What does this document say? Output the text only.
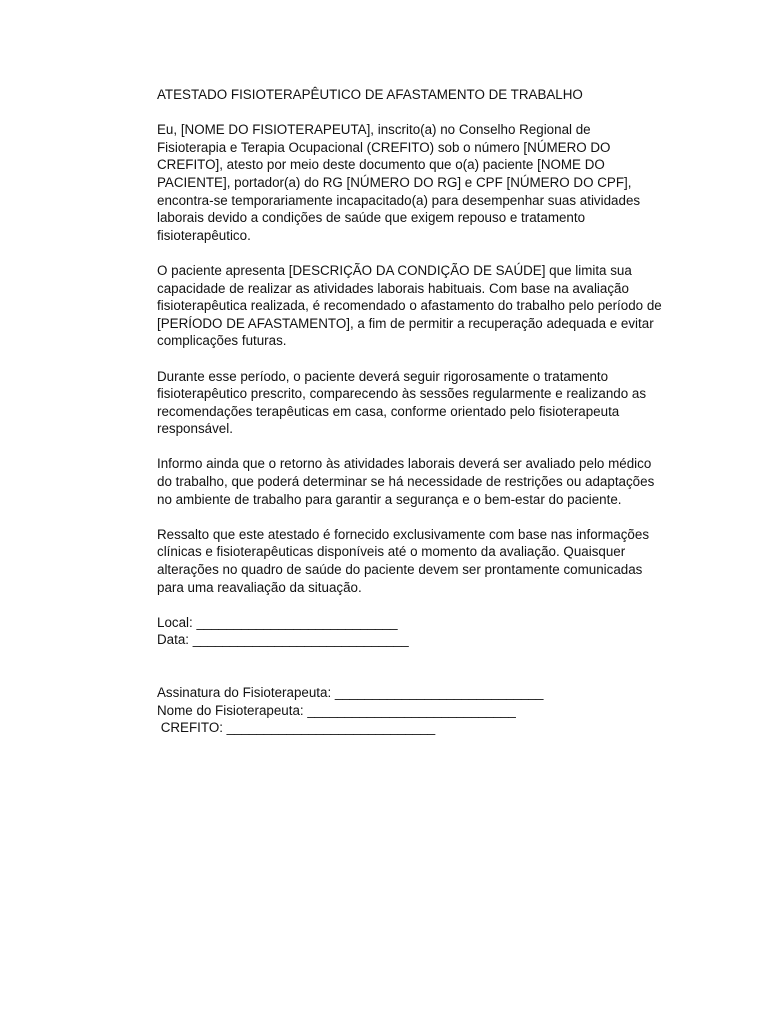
ATESTADO FISIOTERAPÊUTICO DE AFASTAMENTO DE TRABALHO

Eu, [NOME DO FISIOTERAPEUTA], inscrito(a) no Conselho Regional de Fisioterapia e Terapia Ocupacional (CREFITO) sob o número [NÚMERO DO CREFITO], atesto por meio deste documento que o(a) paciente [NOME DO PACIENTE], portador(a) do RG [NÚMERO DO RG] e CPF [NÚMERO DO CPF], encontra-se temporariamente incapacitado(a) para desempenhar suas atividades laborais devido a condições de saúde que exigem repouso e tratamento fisioterapêutico.

O paciente apresenta [DESCRIÇÃO DA CONDIÇÃO DE SAÚDE] que limita sua capacidade de realizar as atividades laborais habituais. Com base na avaliação fisioterapêutica realizada, é recomendado o afastamento do trabalho pelo período de [PERÍODO DE AFASTAMENTO], a fim de permitir a recuperação adequada e evitar complicações futuras.

Durante esse período, o paciente deverá seguir rigorosamente o tratamento fisioterapêutico prescrito, comparecendo às sessões regularmente e realizando as recomendações terapêuticas em casa, conforme orientado pelo fisioterapeuta responsável.

Informo ainda que o retorno às atividades laborais deverá ser avaliado pelo médico do trabalho, que poderá determinar se há necessidade de restrições ou adaptações no ambiente de trabalho para garantir a segurança e o bem-estar do paciente.

Ressalto que este atestado é fornecido exclusivamente com base nas informações clínicas e fisioterapêuticas disponíveis até o momento da avaliação. Quaisquer alterações no quadro de saúde do paciente devem ser prontamente comunicadas para uma reavaliação da situação.

Local: ___________________________
Data: _____________________________
Assinatura do Fisioterapeuta: ____________________________
Nome do Fisioterapeuta: ____________________________
CREFITO: ____________________________
